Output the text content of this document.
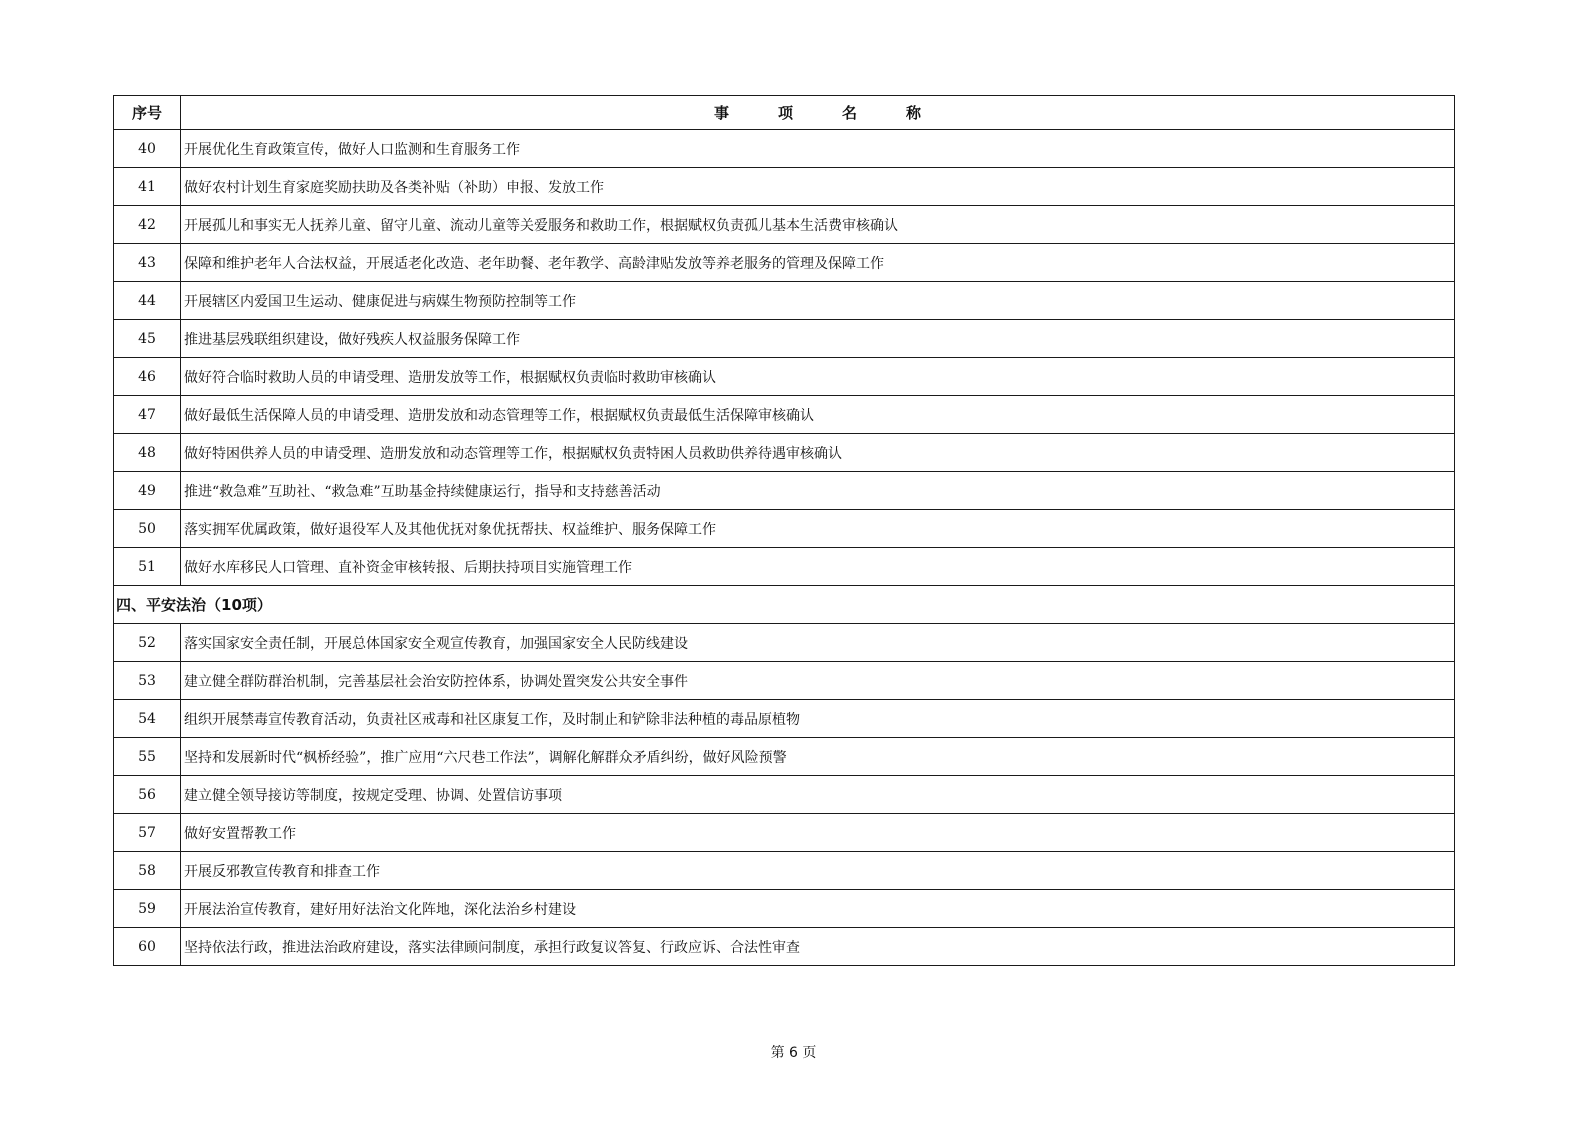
序号	事 项 名 称
40	开展优化生育政策宣传，做好人口监测和生育服务工作
41	做好农村计划生育家庭奖励扶助及各类补贴（补助）申报、发放工作
42	开展孤儿和事实无人抚养儿童、留守儿童、流动儿童等关爱服务和救助工作，根据赋权负责孤儿基本生活费审核确认
43	保障和维护老年人合法权益，开展适老化改造、老年助餐、老年教学、高龄津贴发放等养老服务的管理及保障工作
44	开展辖区内爱国卫生运动、健康促进与病媒生物预防控制等工作
45	推进基层残联组织建设，做好残疾人权益服务保障工作
46	做好符合临时救助人员的申请受理、造册发放等工作，根据赋权负责临时救助审核确认
47	做好最低生活保障人员的申请受理、造册发放和动态管理等工作，根据赋权负责最低生活保障审核确认
48	做好特困供养人员的申请受理、造册发放和动态管理等工作，根据赋权负责特困人员救助供养待遇审核确认
49	推进“救急难”互助社、“救急难”互助基金持续健康运行，指导和支持慈善活动
50	落实拥军优属政策，做好退役军人及其他优抚对象优抚帮扶、权益维护、服务保障工作
51	做好水库移民人口管理、直补资金审核转报、后期扶持项目实施管理工作
四、平安法治（10项）	
52	落实国家安全责任制，开展总体国家安全观宣传教育，加强国家安全人民防线建设
53	建立健全群防群治机制，完善基层社会治安防控体系，协调处置突发公共安全事件
54	组织开展禁毒宣传教育活动，负责社区戒毒和社区康复工作，及时制止和铲除非法种植的毒品原植物
55	坚持和发展新时代“枫桥经验”，推广应用“六尺巷工作法”，调解化解群众矛盾纠纷，做好风险预警
56	建立健全领导接访等制度，按规定受理、协调、处置信访事项
57	做好安置帮教工作
58	开展反邪教宣传教育和排查工作
59	开展法治宣传教育，建好用好法治文化阵地，深化法治乡村建设
60	坚持依法行政，推进法治政府建设，落实法律顾问制度，承担行政复议答复、行政应诉、合法性审查
第 6 页
